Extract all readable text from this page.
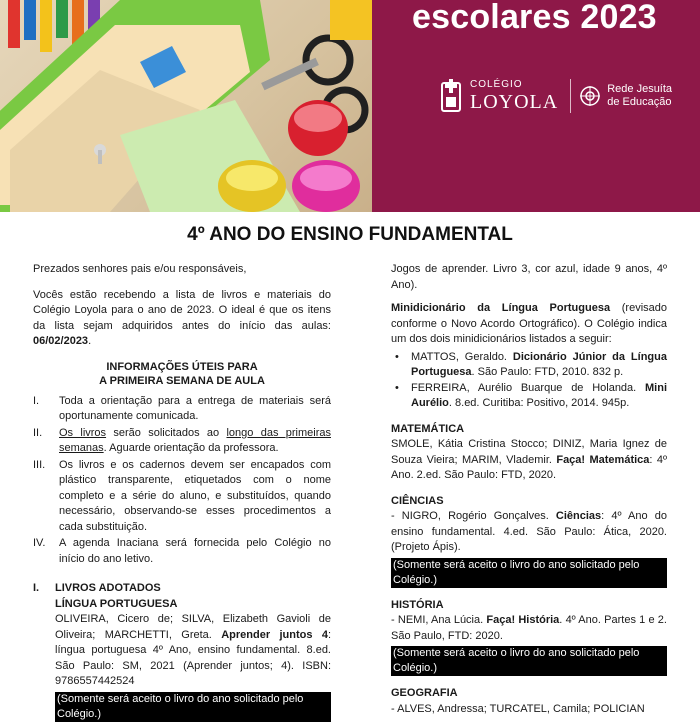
escolares 2023
COLÉGIO
LOYOLA
Rede Jesuíta
de Educação
4º ANO DO ENSINO FUNDAMENTAL

Prezados senhores pais e/ou responsáveis,

Vocês estão recebendo a lista de livros e materiais do Colégio Loyola para o ano de 2023. O ideal é que os itens da lista sejam adquiridos antes do início das aulas: 06/02/2023.

INFORMAÇÕES ÚTEIS PARA
A PRIMEIRA SEMANA DE AULA
I.	Toda a orientação para a entrega de materiais será oportunamente comunicada.
II.	Os livros serão solicitados ao longo das primeiras semanas. Aguarde orientação da professora.
III.	Os livros e os cadernos devem ser encapados com plástico transparente, etiquetados com o nome completo e a série do aluno, e substituídos, quando necessário, observando-se esses procedimentos a cada substituição.
IV.	A agenda Inaciana será fornecida pelo Colégio no início do ano letivo.
I.	LIVROS ADOTADOS
LÍNGUA PORTUGUESA

OLIVEIRA, Cicero de; SILVA, Elizabeth Gavioli de Oliveira; MARCHETTI, Greta. Aprender juntos 4: língua portuguesa 4º Ano, ensino fundamental. 8.ed. São Paulo: SM, 2021 (Aprender juntos; 4). ISBN: 9786557442524

(Somente será aceito o livro do ano solicitado pelo Colégio.)

Jogos de aprender. Livro 3, cor azul, idade 9 anos, 4º Ano).

Minidicionário da Língua Portuguesa (revisado conforme o Novo Acordo Ortográfico). O Colégio indica um dos dois minidicionários listados a seguir:

•	MATTOS, Geraldo. Dicionário Júnior da Língua Portuguesa. São Paulo: FTD, 2010. 832 p.
•	FERREIRA, Aurélio Buarque de Holanda. Mini Aurélio. 8.ed. Curitiba: Positivo, 2014. 945p.
MATEMÁTICA

SMOLE, Kátia Cristina Stocco; DINIZ, Maria Ignez de Souza Vieira; MARIM, Vlademir. Faça! Matemática: 4º Ano. 2.ed. São Paulo: FTD, 2020.

CIÊNCIAS

- NIGRO, Rogério Gonçalves. Ciências: 4º Ano do ensino fundamental. 4.ed. São Paulo: Ática, 2020. (Projeto Ápis).

(Somente será aceito o livro do ano solicitado pelo Colégio.)
HISTÓRIA

- NEMI, Ana Lúcia. Faça! História. 4º Ano. Partes 1 e 2. São Paulo, FTD: 2020.

(Somente será aceito o livro do ano solicitado pelo Colégio.)
GEOGRAFIA

- ALVES, Andressa; TURCATEL, Camila; POLICIAN
